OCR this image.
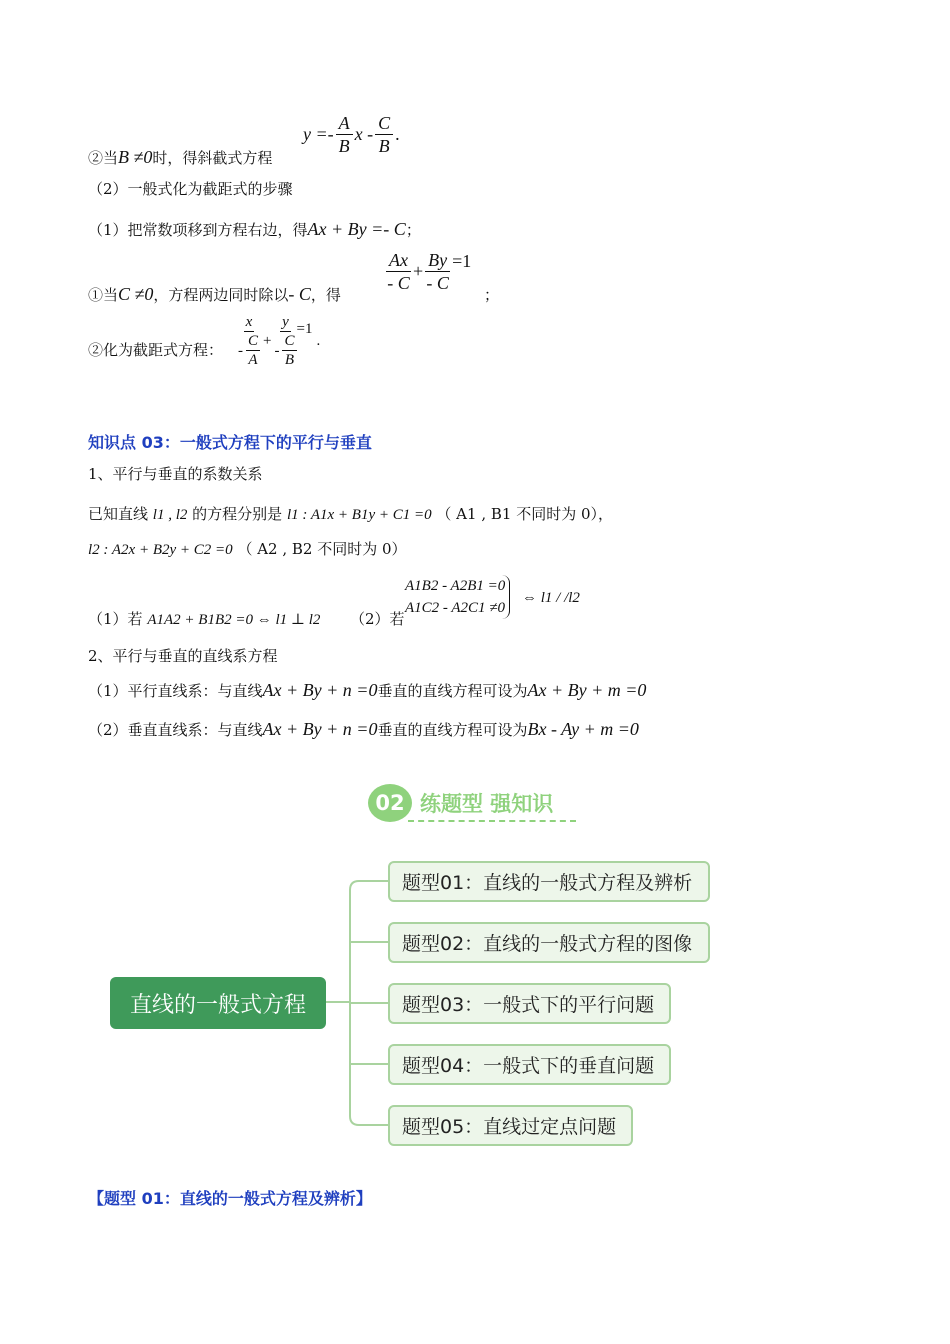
②当B ≠0时，得斜截式方程
$y =- \frac{A}{B}$ x - $\frac{C}{B}$ .
（2）一般式化为截距式的步骤
（1）把常数项移到方程右边，得Ax + By =- C；
①当C ≠0，方程两边同时除以- C，得
$\frac{Ax}{- C} + \frac{By}{- C} =1$
；
②化为截距式方程： $\frac{x}{- \frac{C}{A}} + \frac{y}{- \frac{C}{B}} =1$
.
知识点 03：一般式方程下的平行与垂直
1、平行与垂直的系数关系
已知直线 l1 , l2 的方程分别是 l1 : A1x + B1y + C1 =0 （ A1 , B1 不同时为 0），
l2 : A2x + B2y + C2 =0 （ A2 , B2 不同时为 0）
（1）若 A1A2 + B1B2 =0 ⇔ l1 ⊥ l2 （2）若
A1B2 - A2B1 =0
A1C2 - A2C1 ≠0
⇔ l1 / /l2
2、平行与垂直的直线系方程
（1）平行直线系：与直线Ax + By + n =0垂直的直线方程可设为Ax + By + m =0
（2）垂直直线系：与直线Ax + By + n =0垂直的直线方程可设为Bx - Ay + m =0
02 练题型 强知识
直线的一般式方程
题型01：直线的一般式方程及辨析
题型02：直线的一般式方程的图像
题型03：一般式下的平行问题
题型04：一般式下的垂直问题
题型05：直线过定点问题
【题型 01：直线的一般式方程及辨析】
